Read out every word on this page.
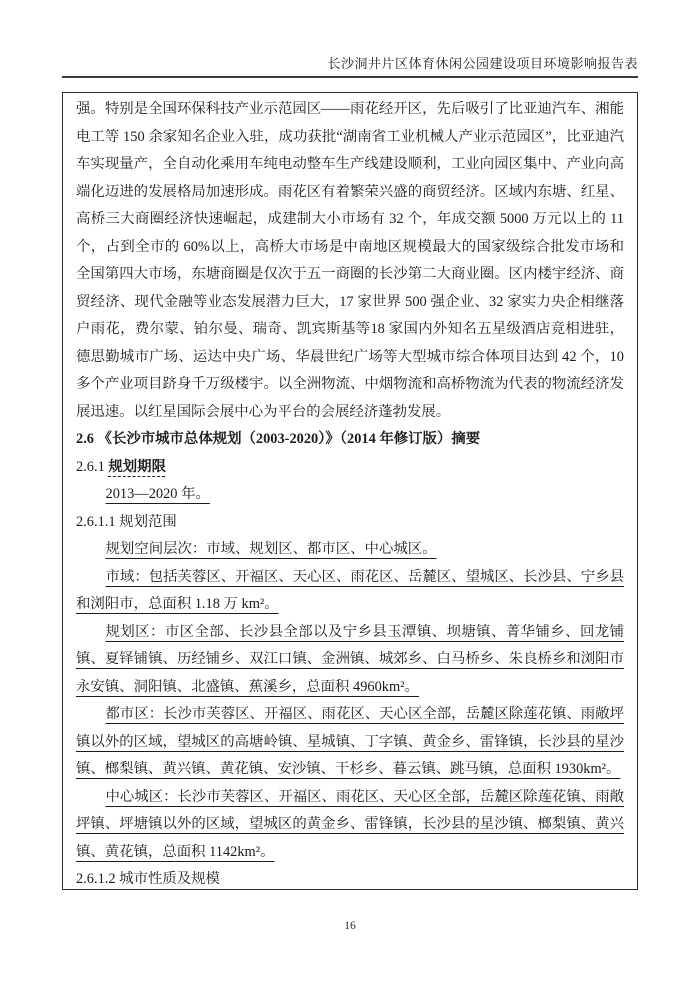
长沙洞井片区体育休闲公园建设项目环境影响报告表

强。特别是全国环保科技产业示范园区——雨花经开区，先后吸引了比亚迪汽车、湘能电工等 150 余家知名企业入驻，成功获批“湖南省工业机械人产业示范园区”，比亚迪汽车实现量产，全自动化乘用车纯电动整车生产线建设顺利，工业向园区集中、产业向高端化迈进的发展格局加速形成。雨花区有着繁荣兴盛的商贸经济。区域内东塘、红星、高桥三大商圈经济快速崛起，成建制大小市场有 32 个，年成交额 5000 万元以上的 11 个，占到全市的 60%以上，高桥大市场是中南地区规模最大的国家级综合批发市场和全国第四大市场，东塘商圈是仅次于五一商圈的长沙第二大商业圈。区内楼宇经济、商贸经济、现代金融等业态发展潜力巨大，17 家世界 500 强企业、32 家实力央企相继落户雨花，费尔蒙、铂尔曼、瑞奇、凯宾斯基等18 家国内外知名五星级酒店竞相进驻，德思勤城市广场、运达中央广场、华晨世纪广场等大型城市综合体项目达到 42 个，10 多个产业项目跻身千万级楼宇。以全洲物流、中烟物流和高桥物流为代表的物流经济发展迅速。以红星国际会展中心为平台的会展经济蓬勃发展。

2.6 《长沙市城市总体规划（2003-2020）》（2014 年修订版）摘要

2.6.1 规划期限

2013—2020 年。

2.6.1.1 规划范围

规划空间层次：市域、规划区、都市区、中心城区。

市域：包括芙蓉区、开福区、天心区、雨花区、岳麓区、望城区、长沙县、宁乡县和浏阳市，总面积 1.18 万 km²。

规划区：市区全部、长沙县全部以及宁乡县玉潭镇、坝塘镇、菁华铺乡、回龙铺镇、夏铎铺镇、历经铺乡、双江口镇、金洲镇、城郊乡、白马桥乡、朱良桥乡和浏阳市永安镇、洞阳镇、北盛镇、蕉溪乡，总面积 4960km²。

都市区：长沙市芙蓉区、开福区、雨花区、天心区全部，岳麓区除莲花镇、雨敞坪镇以外的区域，望城区的高塘岭镇、星城镇、丁字镇、黄金乡、雷锋镇，长沙县的星沙镇、榔梨镇、黄兴镇、黄花镇、安沙镇、干杉乡、暮云镇、跳马镇，总面积 1930km²。

中心城区：长沙市芙蓉区、开福区、雨花区、天心区全部，岳麓区除莲花镇、雨敞坪镇、坪塘镇以外的区域，望城区的黄金乡、雷锋镇，长沙县的星沙镇、榔梨镇、黄兴镇、黄花镇，总面积 1142km²。

2.6.1.2 城市性质及规模

16
